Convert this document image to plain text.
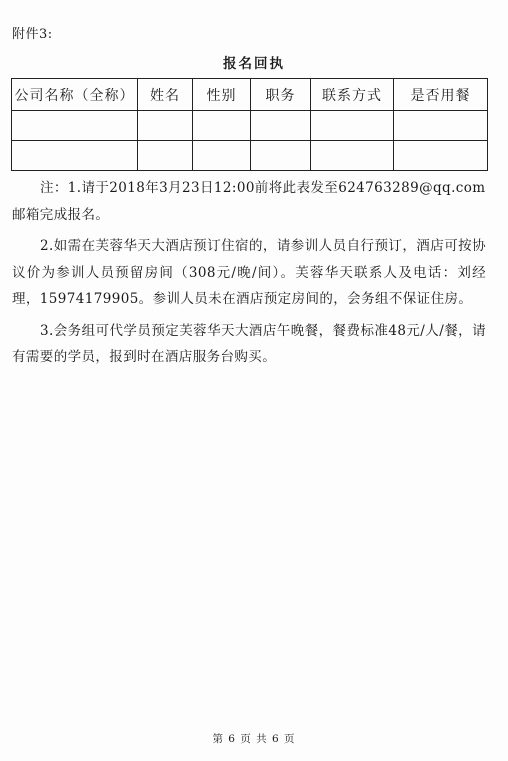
附件3:
报名回执
公司名称（全称）	姓名	性别	职务	联系方式	是否用餐

注：1.请于2018年3月23日12:00前将此表发至624763289@qq.com
邮箱完成报名。

2.如需在芙蓉华天大酒店预订住宿的，请参训人员自行预订，酒店可按协议价为参训人员预留房间（308元/晚/间）。芙蓉华天联系人及电话：刘经理，15974179905。参训人员未在酒店预定房间的，会务组不保证住房。

3.会务组可代学员预定芙蓉华天大酒店午晚餐，餐费标准48元/人/餐，请有需要的学员，报到时在酒店服务台购买。

第 6 页 共 6 页
